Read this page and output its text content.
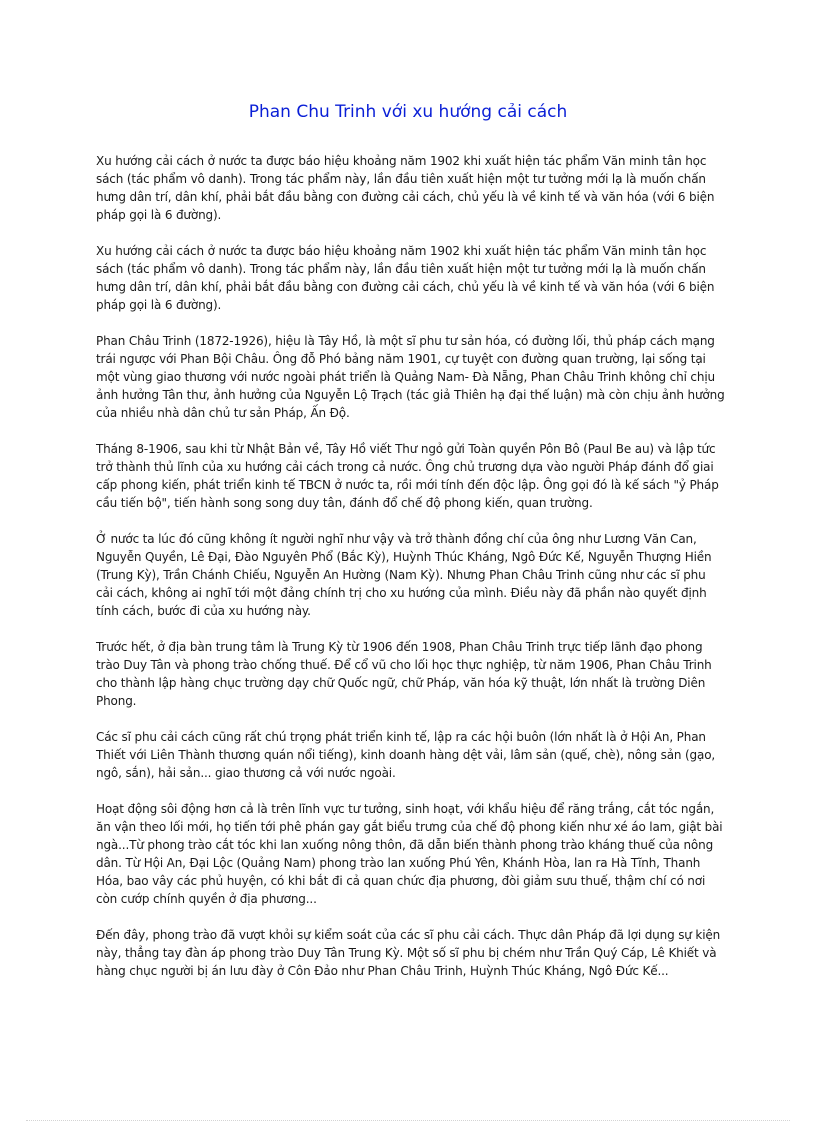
Phan Chu Trinh với xu hướng cải cách

Xu hướng cải cách ở nước ta được báo hiệu khoảng năm 1902 khi xuất hiện tác phẩm Văn minh tân học sách (tác phẩm vô danh). Trong tác phẩm này, lần đầu tiên xuất hiện một tư tưởng mới lạ là muốn chấn hưng dân trí, dân khí, phải bắt đầu bằng con đường cải cách, chủ yếu là về kinh tế và văn hóa (với 6 biện pháp gọi là 6 đường).

Xu hướng cải cách ở nước ta được báo hiệu khoảng năm 1902 khi xuất hiện tác phẩm Văn minh tân học sách (tác phẩm vô danh). Trong tác phẩm này, lần đầu tiên xuất hiện một tư tưởng mới lạ là muốn chấn hưng dân trí, dân khí, phải bắt đầu bằng con đường cải cách, chủ yếu là về kinh tế và văn hóa (với 6 biện pháp gọi là 6 đường).

Phan Châu Trinh (1872-1926), hiệu là Tây Hồ, là một sĩ phu tư sản hóa, có đường lối, thủ pháp cách mạng trái ngược với Phan Bội Châu. Ông đỗ Phó bảng năm 1901, cự tuyệt con đường quan trường, lại sống tại một vùng giao thương với nước ngoài phát triển là Quảng Nam- Đà Nẵng, Phan Châu Trinh không chỉ chịu ảnh hưởng Tân thư, ảnh hưởng của Nguyễn Lộ Trạch (tác giả Thiên hạ đại thế luận) mà còn chịu ảnh hưởng của nhiều nhà dân chủ tư sản Pháp, Ấn Độ.

Tháng 8-1906, sau khi từ Nhật Bản về, Tây Hồ viết Thư ngỏ gửi Toàn quyền Pôn Bô (Paul Be au) và lập tức trở thành thủ lĩnh của xu hướng cải cách trong cả nước. Ông chủ trương dựa vào người Pháp đánh đổ giai cấp phong kiến, phát triển kinh tế TBCN ở nước ta, rồi mới tính đến độc lập. Ông gọi đó là kế sách "ỷ Pháp cầu tiến bộ", tiến hành song song duy tân, đánh đổ chế độ phong kiến, quan trường.

Ở nước ta lúc đó cũng không ít người nghĩ như vậy và trở thành đồng chí của ông như Lương Văn Can, Nguyễn Quyền, Lê Đại, Đào Nguyên Phổ (Bắc Kỳ), Huỳnh Thúc Kháng, Ngô Đức Kế, Nguyễn Thượng Hiền (Trung Kỳ), Trần Chánh Chiếu, Nguyễn An Hường (Nam Kỳ). Nhưng Phan Châu Trinh cũng như các sĩ phu cải cách, không ai nghĩ tới một đảng chính trị cho xu hướng của mình. Điều này đã phần nào quyết định tính cách, bước đi của xu hướng này.

Trước hết, ở địa bàn trung tâm là Trung Kỳ từ 1906 đến 1908, Phan Châu Trinh trực tiếp lãnh đạo phong trào Duy Tân và phong trào chống thuế. Để cổ vũ cho lối học thực nghiệp, từ năm 1906, Phan Châu Trinh cho thành lập hàng chục trường dạy chữ Quốc ngữ, chữ Pháp, văn hóa kỹ thuật, lớn nhất là trường Diên Phong.

Các sĩ phu cải cách cũng rất chú trọng phát triển kinh tế, lập ra các hội buôn (lớn nhất là ở Hội An, Phan Thiết với Liên Thành thương quán nổi tiếng), kinh doanh hàng dệt vải, lâm sản (quế, chè), nông sản (gạo, ngô, sắn), hải sản... giao thương cả với nước ngoài.

Hoạt động sôi động hơn cả là trên lĩnh vực tư tưởng, sinh hoạt, với khẩu hiệu để răng trắng, cắt tóc ngắn, ăn vận theo lối mới, họ tiến tới phê phán gay gắt biểu trưng của chế độ phong kiến như xé áo lam, giật bài ngà...Từ phong trào cắt tóc khi lan xuống nông thôn, đã dẫn biến thành phong trào kháng thuế của nông dân. Từ Hội An, Đại Lộc (Quảng Nam) phong trào lan xuống Phú Yên, Khánh Hòa, lan ra Hà Tĩnh, Thanh Hóa, bao vây các phủ huyện, có khi bắt đi cả quan chức địa phương, đòi giảm sưu thuế, thậm chí có nơi còn cướp chính quyền ở địa phương...

Đến đây, phong trào đã vượt khỏi sự kiểm soát của các sĩ phu cải cách. Thực dân Pháp đã lợi dụng sự kiện này, thẳng tay đàn áp phong trào Duy Tân Trung Kỳ. Một số sĩ phu bị chém như Trần Quý Cáp, Lê Khiết và hàng chục người bị án lưu đày ở Côn Đảo như Phan Châu Trinh, Huỳnh Thúc Kháng, Ngô Đức Kế...
